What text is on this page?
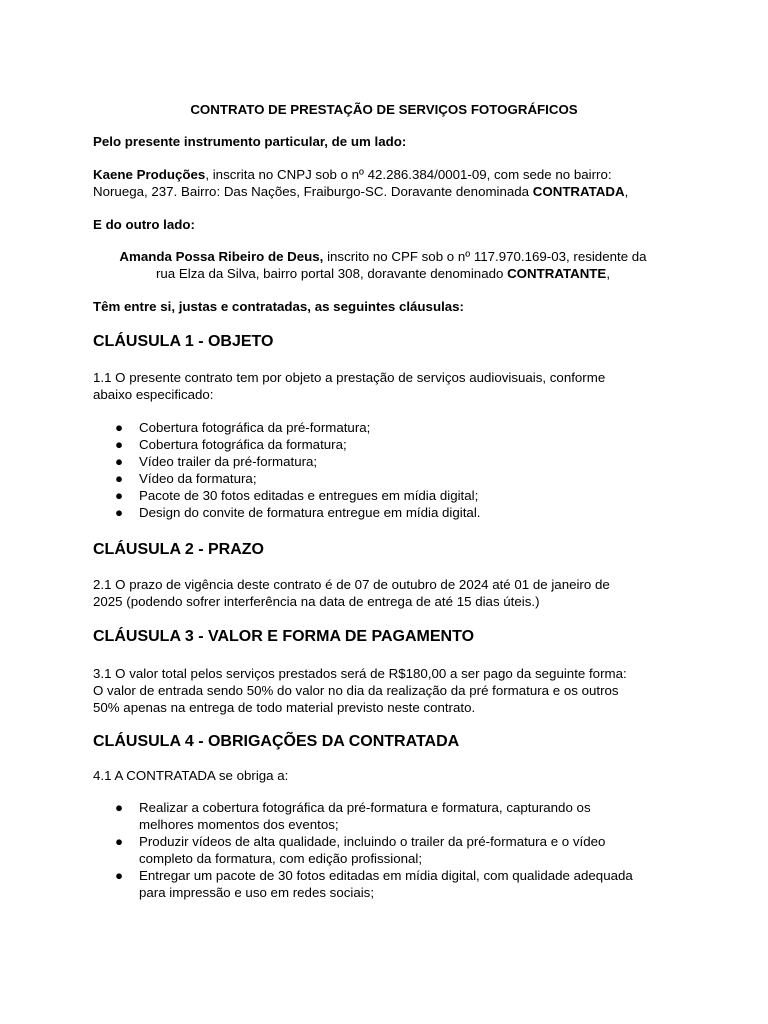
CONTRATO DE PRESTAÇÃO DE SERVIÇOS FOTOGRÁFICOS
Pelo presente instrumento particular, de um lado:
Kaene Produções, inscrita no CNPJ sob o nº 42.286.384/0001-09, com sede no bairro:
Noruega, 237. Bairro: Das Nações, Fraiburgo-SC. Doravante denominada CONTRATADA,
E do outro lado:
Amanda Possa Ribeiro de Deus, inscrito no CPF sob o nº 117.970.169-03, residente da
rua Elza da Silva, bairro portal 308, doravante denominado CONTRATANTE,
Têm entre si, justas e contratadas, as seguintes cláusulas:
CLÁUSULA 1 - OBJETO
1.1 O presente contrato tem por objeto a prestação de serviços audiovisuais, conforme
abaixo especificado:
● Cobertura fotográfica da pré-formatura;
● Cobertura fotográfica da formatura;
● Vídeo trailer da pré-formatura;
● Vídeo da formatura;
● Pacote de 30 fotos editadas e entregues em mídia digital;
● Design do convite de formatura entregue em mídia digital.
CLÁUSULA 2 - PRAZO
2.1 O prazo de vigência deste contrato é de 07 de outubro de 2024 até 01 de janeiro de
2025 (podendo sofrer interferência na data de entrega de até 15 dias úteis.)
CLÁUSULA 3 - VALOR E FORMA DE PAGAMENTO
3.1 O valor total pelos serviços prestados será de R$180,00 a ser pago da seguinte forma:
O valor de entrada sendo 50% do valor no dia da realização da pré formatura e os outros
50% apenas na entrega de todo material previsto neste contrato.
CLÁUSULA 4 - OBRIGAÇÕES DA CONTRATADA
4.1 A CONTRATADA se obriga a:
● Realizar a cobertura fotográfica da pré-formatura e formatura, capturando os
melhores momentos dos eventos;
● Produzir vídeos de alta qualidade, incluindo o trailer da pré-formatura e o vídeo
completo da formatura, com edição profissional;
● Entregar um pacote de 30 fotos editadas em mídia digital, com qualidade adequada
para impressão e uso em redes sociais;
